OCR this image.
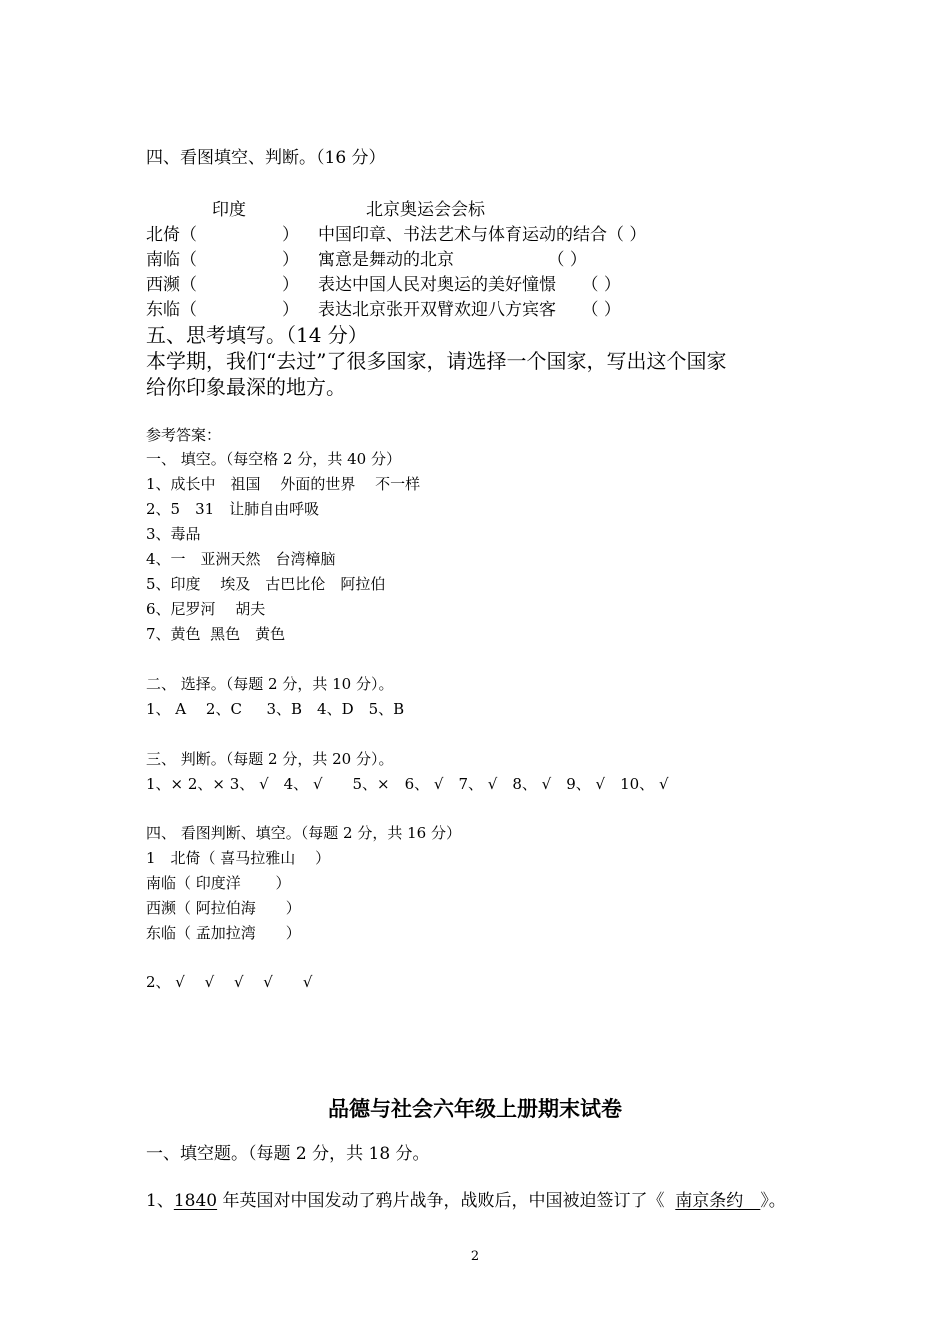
四、看图填空、判断。（16 分）
印度	北京奥运会会标
北倚（　　　　　） 中国印章、书法艺术与体育运动的结合（ ）
南临（　　　　　） 寓意是舞动的北京　　　　　　（ ）
西濒（　　　　　） 表达中国人民对奥运的美好憧憬　　（ ）
东临（　　　　　） 表达北京张开双臂欢迎八方宾客　　（ ）
五、思考填写。（14 分）
本学期，我们“去过”了很多国家，请选择一个国家，写出这个国家
给你印象最深的地方。
参考答案：
一、 填空。（每空格 2 分，共 40 分）
1、成长中　祖国　 外面的世界　 不一样
2、5　31　让肺自由呼吸
3、毒品
4、一　亚洲天然　台湾樟脑
5、印度　 埃及　古巴比伦　阿拉伯
6、尼罗河　 胡夫
7、黄色  黑色　黄色
二、 选择。（每题 2 分，共 10 分）。
1、 A　 2、C　  3、B　4、D　5、B
三、 判断。（每题 2 分，共 20 分）。
1、× 2、× 3、 √　4、 √　　5、×　6、 √　7、 √　8、 √　9、 √　10、 √
四、 看图判断、填空。（每题 2 分，共 16 分）
1　北倚（ 喜马拉雅山　 ）
南临（ 印度洋　　 ）
西濒（ 阿拉伯海　　）
东临（ 孟加拉湾　　）
2、 √　 √　 √　 √　　√
品德与社会六年级上册期末试卷
一、填空题。（每题 2 分，共 18 分。
1、1840 年英国对中国发动了鸦片战争，战败后，中国被迫签订了《  南京条约　》。
2
